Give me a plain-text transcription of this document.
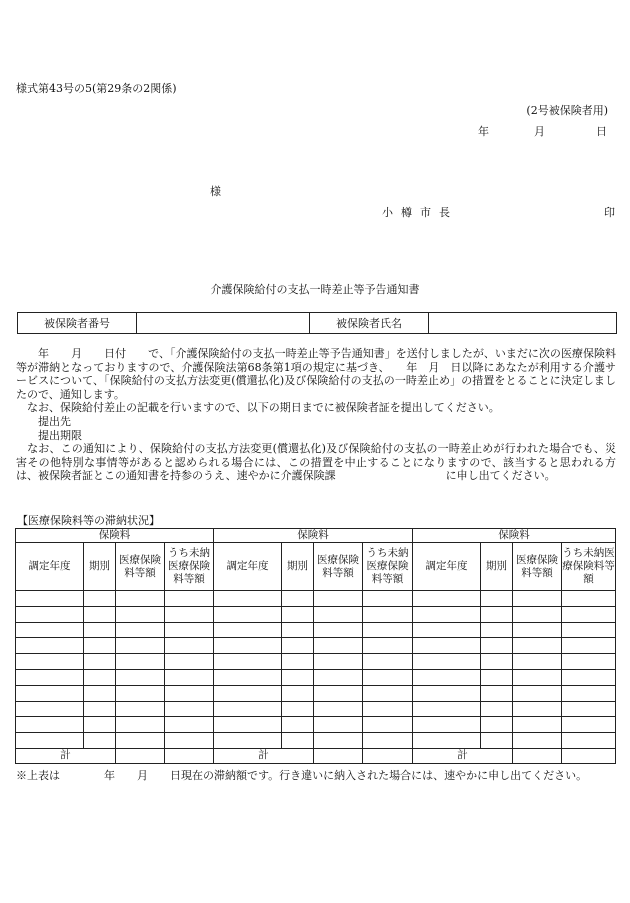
様式第43号の5(第29条の2関係)
(2号被保険者用)
年	月	日
様
小樽市長	印
介護保険給付の支払一時差止等予告通知書
被保険者番号		被保険者氏名	

　　年　　月　　日付　　で、「介護保険給付の支払一時差止等予告通知書」を送付しましたが、いまだに次の医療保険料等が滞納となっておりますので、介護保険法第68条第1項の規定に基づき、　　年　月　日以降にあなたが利用する介護サービスについて、「保険給付の支払方法変更(償還払化)及び保険給付の支払の一時差止め」の措置をとることに決定しましたので、通知します。

　なお、保険給付差止の記載を行いますので、以下の期日までに被保険者証を提出してください。

　　提出先

　　提出期限

　なお、この通知により、保険給付の支払方法変更(償還払化)及び保険給付の支払の一時差止めが行われた場合でも、災害その他特別な事情等があると認められる場合には、この措置を中止することになりますので、該当すると思われる方は、被保険者証とこの通知書を持参のうえ、速やかに介護保険課　　　　　　　　　　に申し出てください。

【医療保険料等の滞納状況】
保険料				保険料				保険料			
調定年度	期別	医療保険料等額	うち未納医療保険料等額	調定年度	期別	医療保険料等額	うち未納医療保険料等額	調定年度	期別	医療保険料等額	うち未納医療保険料等額

計				計				計			
※上表は　　　　年　　月　　日現在の滞納額です。行き違いに納入された場合には、速やかに申し出てください。
